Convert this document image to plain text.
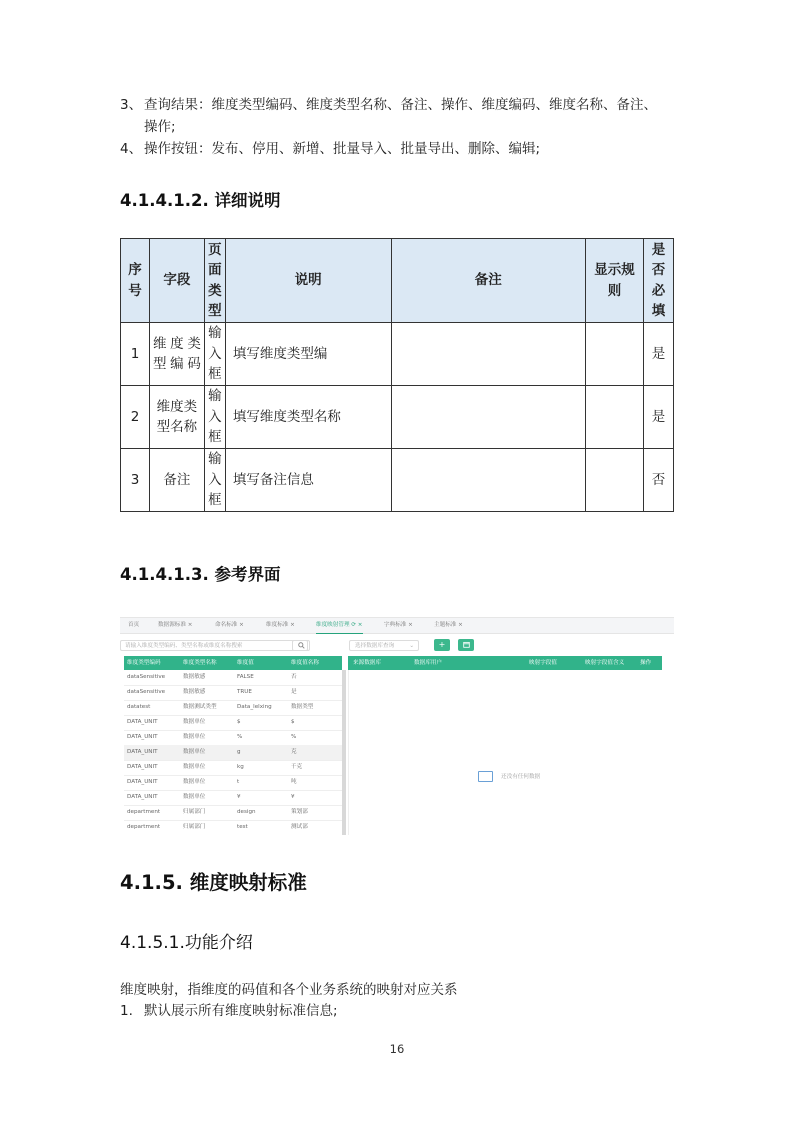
3、 查询结果：维度类型编码、维度类型名称、备注、操作、维度编码、维度名称、备注、
操作;
4、 操作按钮：发布、停用、新增、批量导入、批量导出、删除、编辑;
4.1.4.1.2. 详细说明
序号	字段	页面类型	说明	备注	显示规则	是否必填
1	维度类型编码	输入框	填写维度类型编			是
2	维度类型名称	输入框	填写维度类型名称			是
3	备注	输入框	填写备注信息			否
4.1.4.1.3. 参考界面
首页	数据源标准 ×	命名标准 ×	维度标准 ×	维度映射管理 ⟳ ×	字典标准 ×	主题标准 ×
请输入维度类型编码、类型名称或维度名称搜索	选择数据库查询	⌄	+
维度类型编码	维度类型名称	维度值	维度值名称
dataSensitive	数据敏感	FALSE	否
dataSensitive	数据敏感	TRUE	是
datatest	数据测试类型	Data_lelxing	数据类型
DATA_UNIT	数据单位	$	$
DATA_UNIT	数据单位	%	%
DATA_UNIT	数据单位	g	克
DATA_UNIT	数据单位	kg	千克
DATA_UNIT	数据单位	t	吨
DATA_UNIT	数据单位	¥	¥
department	归属部门	design	策划部
department	归属部门	test	测试部
来源数据库	数据库用户	映射字段值	映射字段值含义	操作
还没有任何数据
4.1.5. 维度映射标准
4.1.5.1.功能介绍
维度映射，指维度的码值和各个业务系统的映射对应关系
1. 默认展示所有维度映射标准信息;
16
